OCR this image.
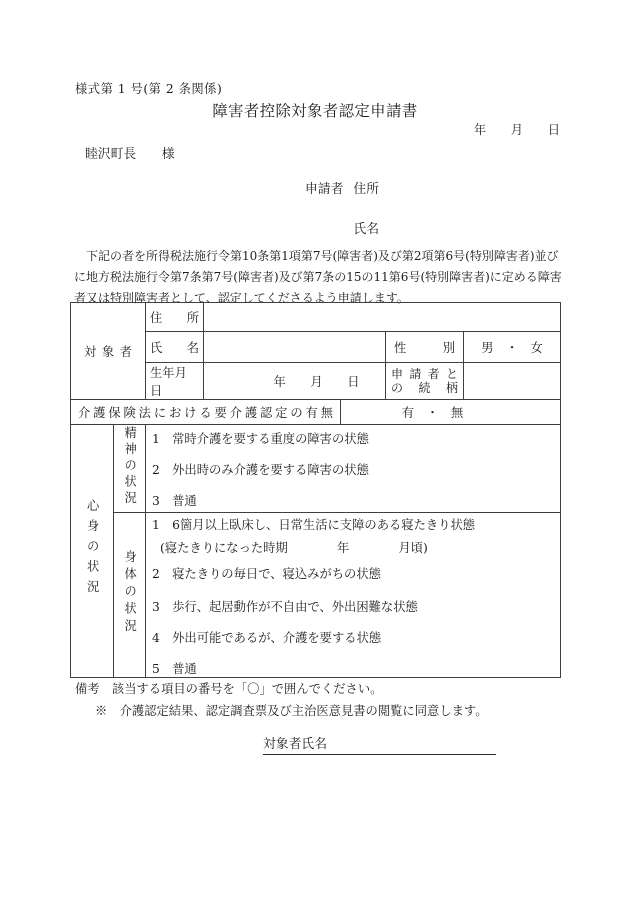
様式第 1 号(第 2 条関係)
障害者控除対象者認定申請書
年　　月　　日
睦沢町長　　様
申請者 住所
氏名
　下記の者を所得税法施行令第10条第1項第7号(障害者)及び第2項第6号(特別障害者)並び
に地方税法施行令第7条第7号(障害者)及び第7条の15の11第6号(特別障害者)に定める障害
者又は特別障害者として、認定してくださるよう申請します。
対象者		住所				
		氏名			性別	男　・　女
		生年月日	年　　月　　日		申請者と
の続柄	

介護保険法における要介護認定の有無				有　・　無		
心身の状況	精神の状況	1　常時介護を要する重度の障害の状態
2　外出時のみ介護を要する障害の状態
3　普通				

身体の状況	
1　6箇月以上臥床し、日常生活に支障のある寝たきり状態
(寝たきりになった時期　　　　年　　　　月頃)
2　寝たきりの毎日で、寝込みがちの状態
3　歩行、起居動作が不自由で、外出困難な状態
4　外出可能であるが、介護を要する状態
5　普通
備考　該当する項目の番号を「〇」で囲んでください。
※　介護認定結果、認定調査票及び主治医意見書の閲覧に同意します。
対象者氏名
